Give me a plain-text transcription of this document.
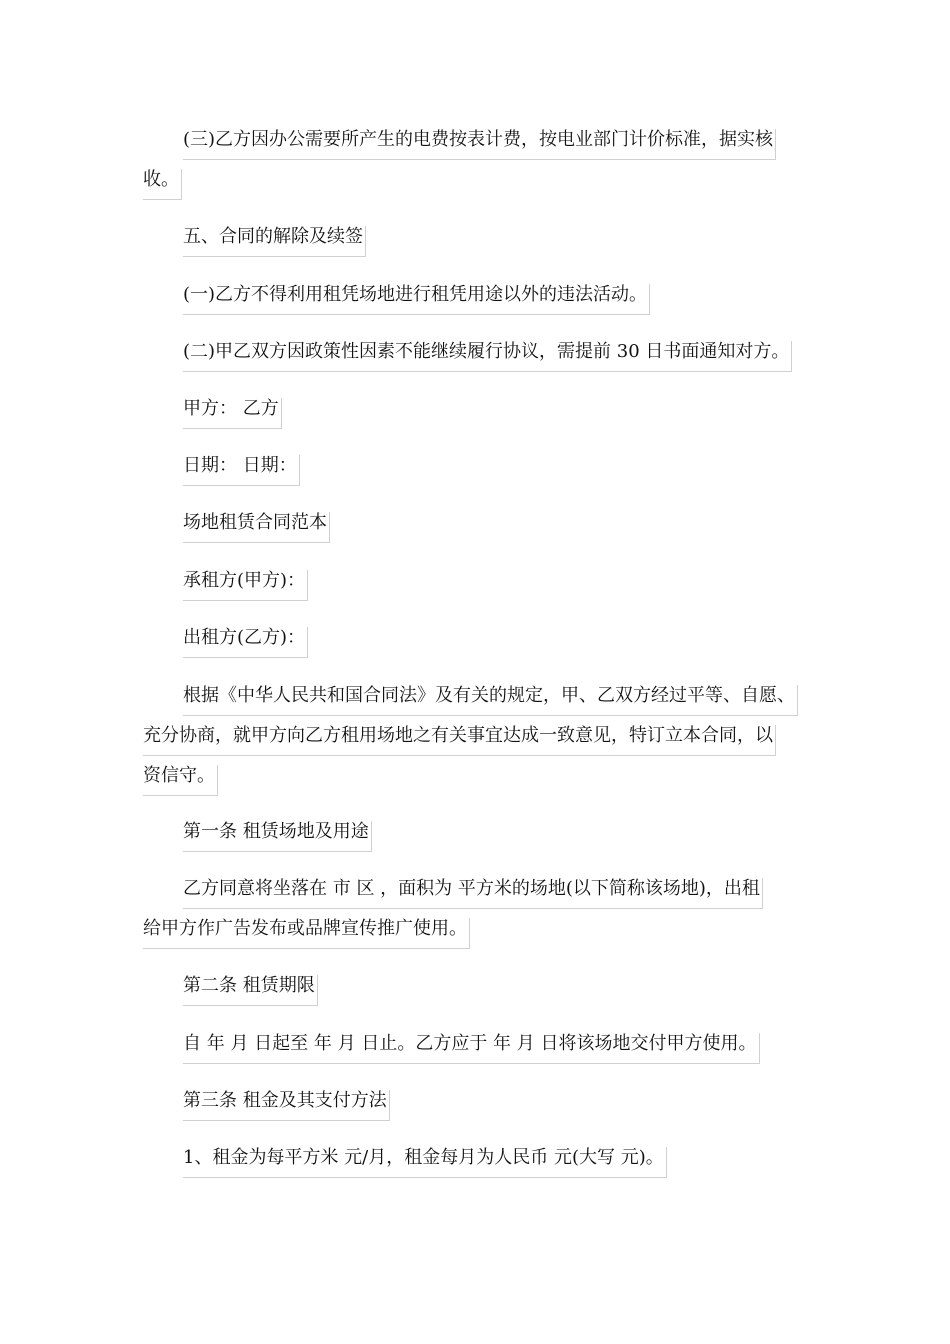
(三)乙方因办公需要所产生的电费按表计费，按电业部门计价标准，据实核
收。
五、合同的解除及续签
(一)乙方不得利用租凭场地进行租凭用途以外的违法活动。
(二)甲乙双方因政策性因素不能继续履行协议，需提前 30 日书面通知对方。
甲方： 乙方
日期： 日期：
场地租赁合同范本
承租方(甲方)：
出租方(乙方)：
根据《中华人民共和国合同法》及有关的规定，甲、乙双方经过平等、自愿、
充分协商，就甲方向乙方租用场地之有关事宜达成一致意见，特订立本合同，以
资信守。
第一条 租赁场地及用途
乙方同意将坐落在 市 区 ，面积为 平方米的场地(以下简称该场地)，出租
给甲方作广告发布或品牌宣传推广使用。
第二条 租赁期限
自 年 月 日起至 年 月 日止。乙方应于 年 月 日将该场地交付甲方使用。
第三条 租金及其支付方法
1、租金为每平方米 元/月，租金每月为人民币 元(大写 元)。
